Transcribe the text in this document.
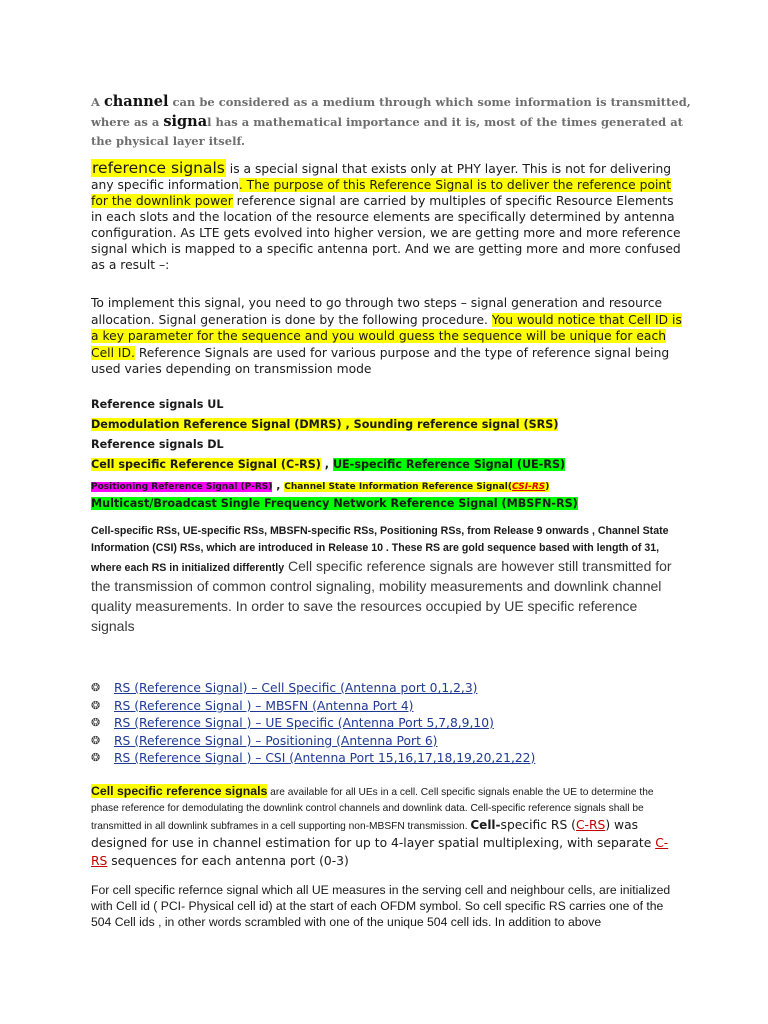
A channel can be considered as a medium through which some information is transmitted, where as a signal has a mathematical importance and it is, most of the times generated at the physical layer itself.
reference signals is a special signal that exists only at PHY layer. This is not for delivering any specific information. The purpose of this Reference Signal is to deliver the reference point for the downlink power reference signal are carried by multiples of specific Resource Elements in each slots and the location of the resource elements are specifically determined by antenna configuration. As LTE gets evolved into higher version, we are getting more and more reference signal which is mapped to a specific antenna port. And we are getting more and more confused as a result –:
To implement this signal, you need to go through two steps – signal generation and resource allocation. Signal generation is done by the following procedure. You would notice that Cell ID is a key parameter for the sequence and you would guess the sequence will be unique for each Cell ID. Reference Signals are used for various purpose and the type of reference signal being used varies depending on transmission mode
Reference signals UL
Demodulation Reference Signal (DMRS) , Sounding reference signal (SRS)
Reference signals DL
Cell specific Reference Signal (C-RS) , UE-specific Reference Signal (UE-RS)
Positioning Reference Signal (P-RS) , Channel State Information Reference Signal(CSI-RS)
Multicast/Broadcast Single Frequency Network Reference Signal (MBSFN-RS)
Cell-specific RSs, UE-specific RSs, MBSFN-specific RSs, Positioning RSs, from Release 9 onwards , Channel State Information (CSI) RSs, which are introduced in Release 10 . These RS are gold sequence based with length of 31, where each RS in initialized differently Cell specific reference signals are however still transmitted for the transmission of common control signaling, mobility measurements and downlink channel quality measurements. In order to save the resources occupied by UE specific reference signals
❂ RS (Reference Signal) – Cell Specific (Antenna port 0,1,2,3)
❂ RS (Reference Signal ) – MBSFN (Antenna Port 4)
❂ RS (Reference Signal ) – UE Specific (Antenna Port 5,7,8,9,10)
❂ RS (Reference Signal ) – Positioning (Antenna Port 6)
❂ RS (Reference Signal ) – CSI (Antenna Port 15,16,17,18,19,20,21,22)
Cell specific reference signals are available for all UEs in a cell. Cell specific signals enable the UE to determine the phase reference for demodulating the downlink control channels and downlink data. Cell-specific reference signals shall be transmitted in all downlink subframes in a cell supporting non-MBSFN transmission. Cell-specific RS (C-RS) was designed for use in channel estimation for up to 4-layer spatial multiplexing, with separate C-RS sequences for each antenna port (0-3)
For cell specific refernce signal which all UE measures in the serving cell and neighbour cells, are initialized with Cell id ( PCI- Physical cell id) at the start of each OFDM symbol. So cell specific RS carries one of the 504 Cell ids , in other words scrambled with one of the unique 504 cell ids. In addition to above
